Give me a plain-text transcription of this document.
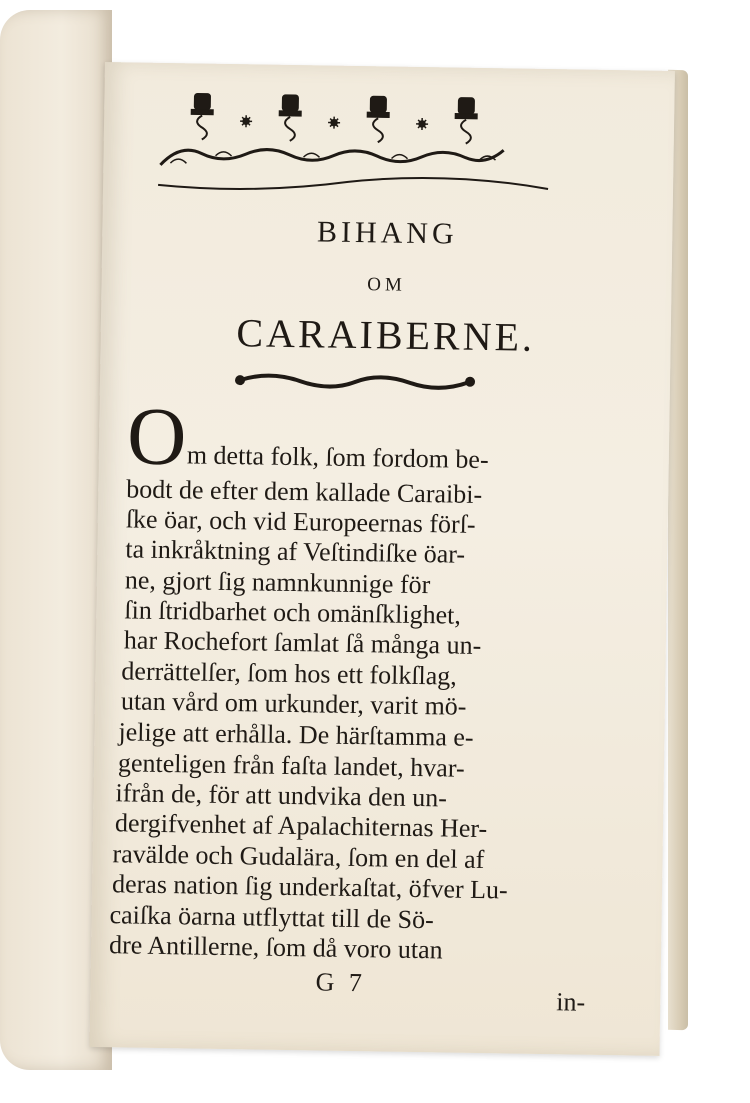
BIHANG
OM
CARAIBERNE.
O m detta folk, ſom fordom be-
bodt de efter dem kallade Caraibi-
ſke öar, och vid Europeernas förſ-
ta inkråktning af Veſtindiſke öar-
ne, gjort ſig namnkunnige för
ſin ſtridbarhet och omänſklighet,
har Rochefort ſamlat ſå många un-
derrättelſer, ſom hos ett folkſlag,
utan vård om urkunder, varit mö-
jelige att erhålla. De härſtamma e-
genteligen från faſta landet, hvar-
ifrån de, för att undvika den un-
dergifvenhet af Apalachiternas Her-
ravälde och Gudalära, ſom en del af
deras nation ſig underkaſtat, öfver Lu-
caiſka öarna utflyttat till de Sö-
dre Antillerne, ſom då voro utan
G 7
in-
